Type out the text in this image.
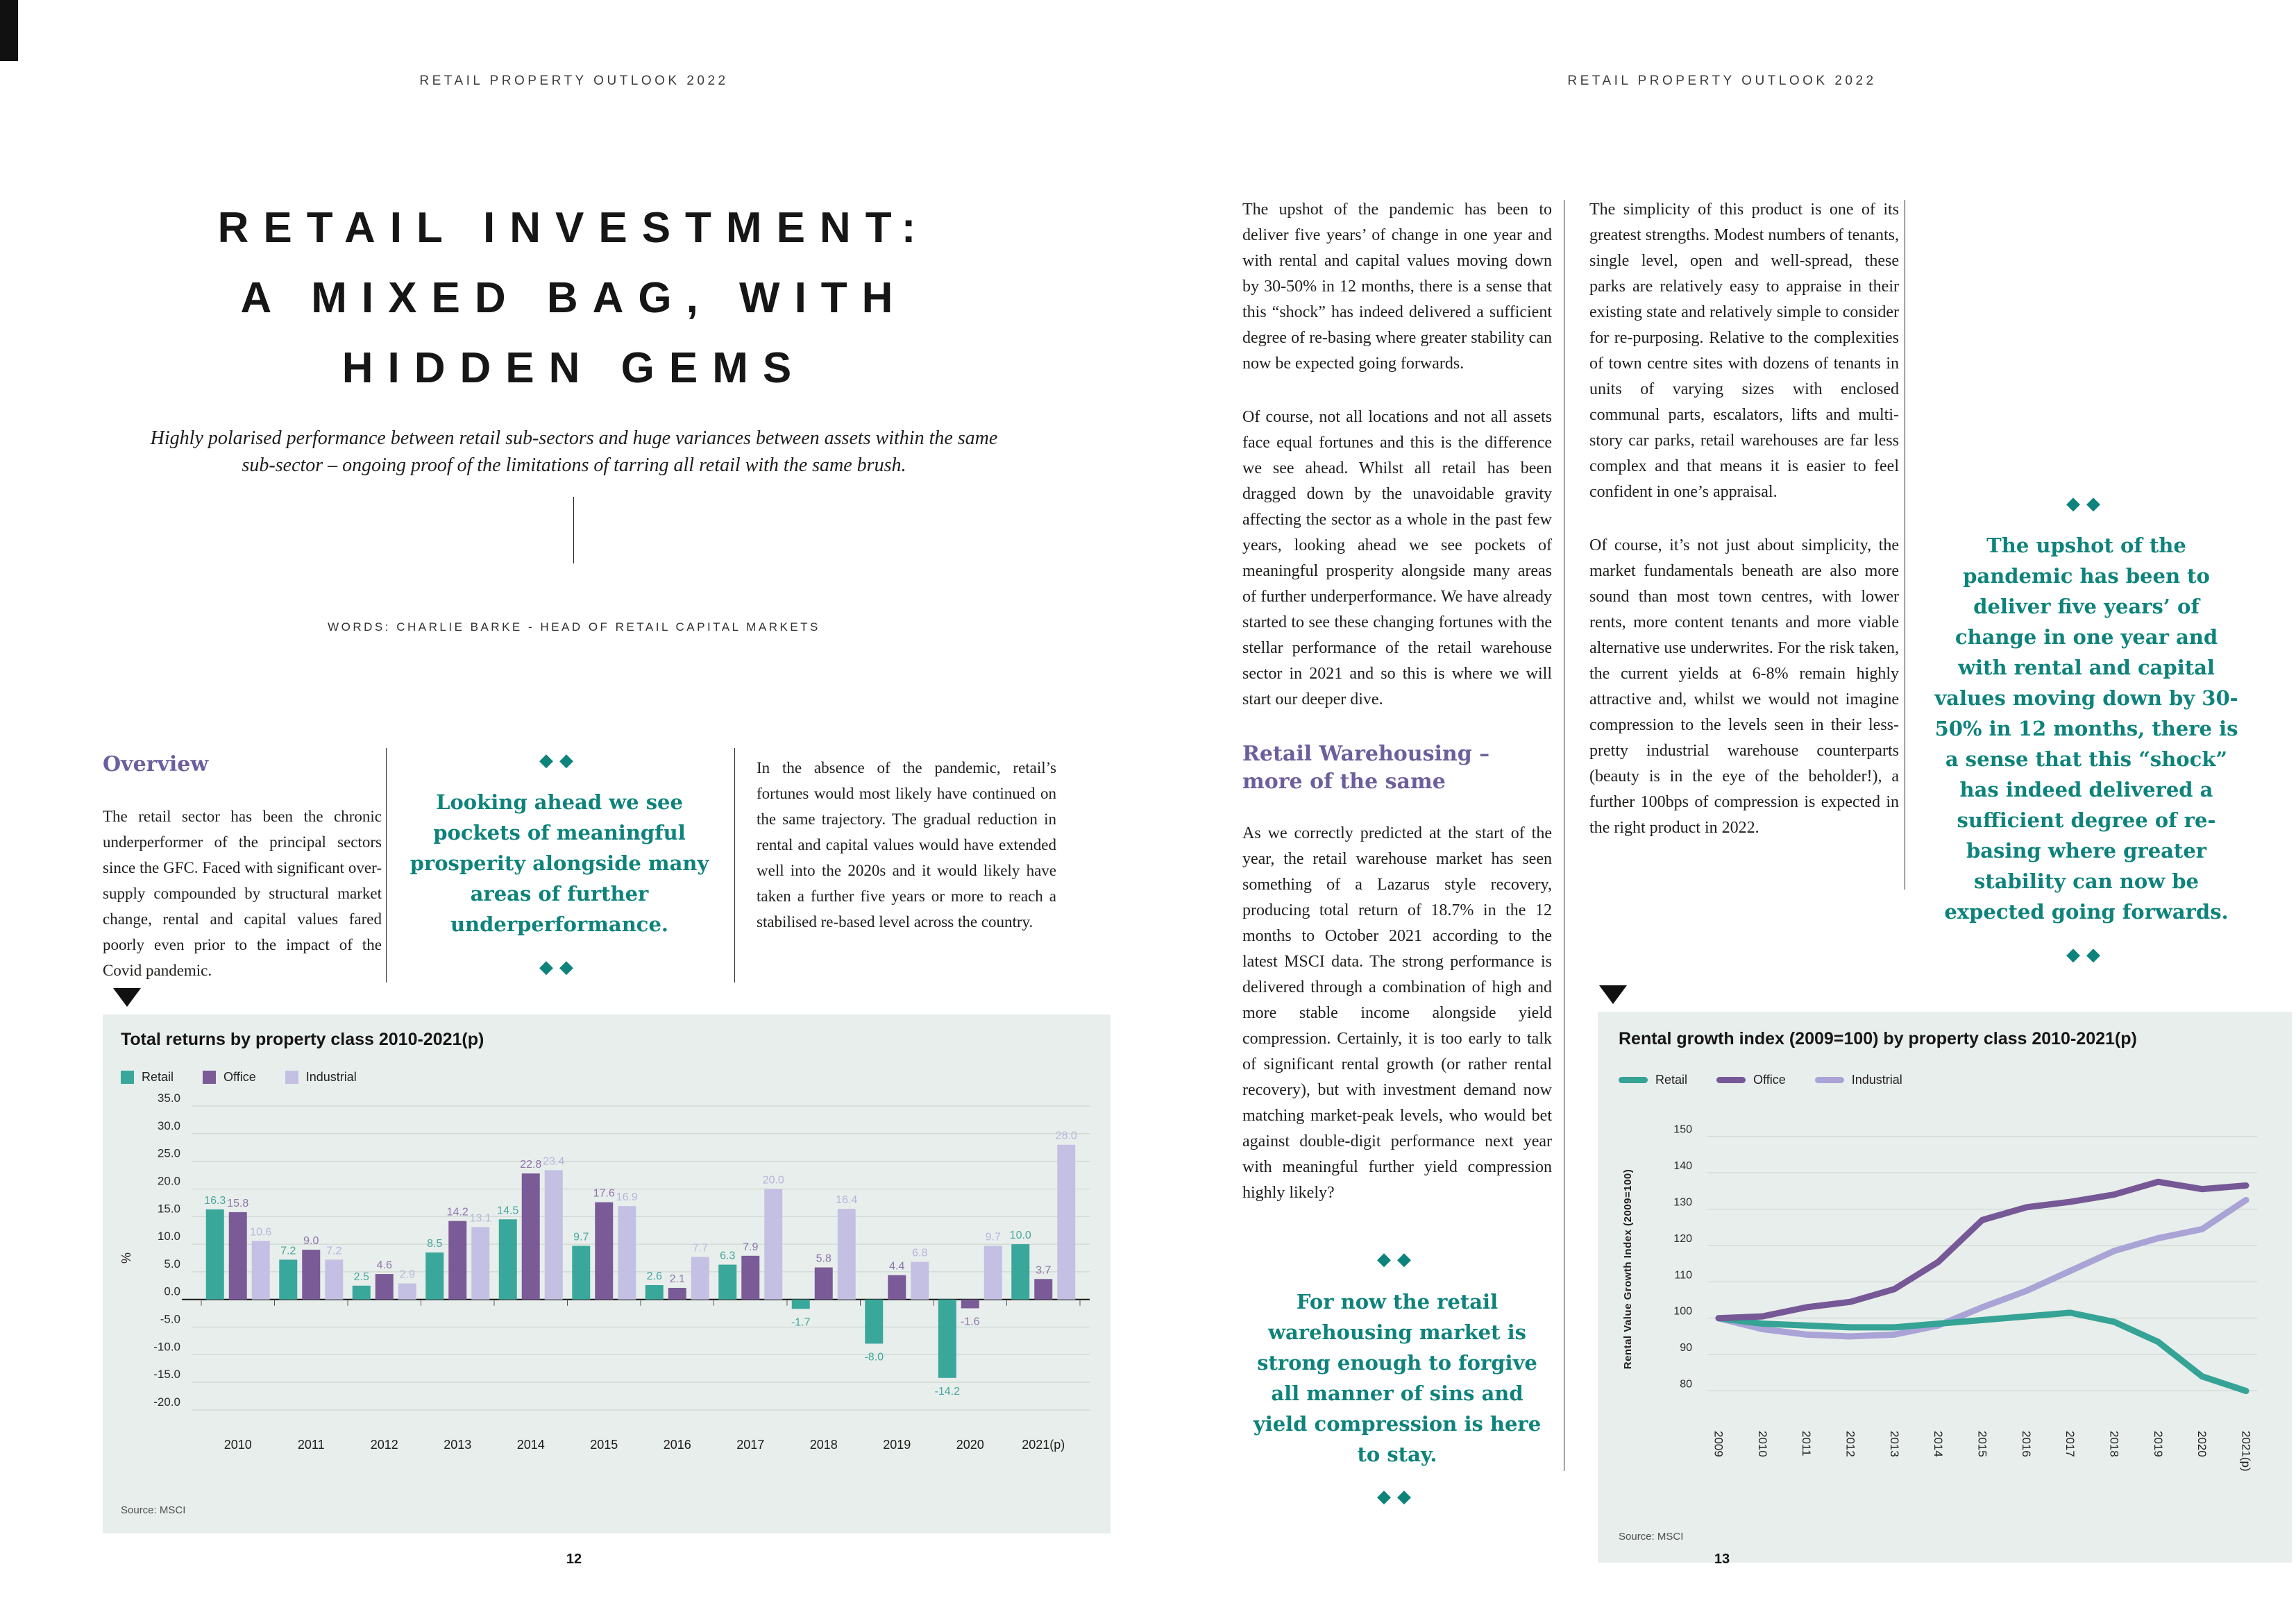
RETAIL PROPERTY OUTLOOK 2022
RETAIL INVESTMENT:
A MIXED BAG, WITH
HIDDEN GEMS
Highly polarised performance between retail sub-sectors and huge variances between assets within the same sub-sector – ongoing proof of the limitations of tarring all retail with the same brush.
WORDS: CHARLIE BARKE - HEAD OF RETAIL CAPITAL MARKETS
Overview

The retail sector has been the chronic underperformer of the principal sectors since the GFC. Faced with significant over-supply compounded by structural market change, rental and capital values fared poorly even prior to the impact of the Covid pandemic.

◆◆
Looking ahead we see pockets of meaningful prosperity alongside many areas of further underperformance.
◆◆

In the absence of the pandemic, retail’s fortunes would most likely have continued on the same trajectory. The gradual reduction in rental and capital values would have extended well into the 2020s and it would likely have taken a further five years or more to reach a stabilised re-based level across the country.

Total returns by property class 2010-2021(p)
Retail	Office	Industrial
35.0
30.0
25.0
20.0
15.0
10.0
5.0
0.0
-5.0
-10.0
-15.0
-20.0
%
16.3 15.8
10.6
2010
7.2
9.0
7.2
2011
2.5
4.6
2.9
2012
8.5
14.2
13.1
2013
14.5
22.8 23.4
2014
9.7
17.6 16.9
2015
2.6 2.1
7.7
2016
6.3
7.9
20.0
2017
-1.7
5.8
16.4
2018
-8.0
4.4
6.8
2019
-14.2
-1.6
9.7
2020
10.0
3.7
28.0
2021(p)
Source: MSCI
12
RETAIL PROPERTY OUTLOOK 2022

The upshot of the pandemic has been to deliver five years’ of change in one year and with rental and capital values moving down by 30-50% in 12 months, there is a sense that this “shock” has indeed delivered a sufficient degree of re-basing where greater stability can now be expected going forwards.

Of course, not all locations and not all assets face equal fortunes and this is the difference we see ahead. Whilst all retail has been dragged down by the unavoidable gravity affecting the sector as a whole in the past few years, looking ahead we see pockets of meaningful prosperity alongside many areas of further underperformance. We have already started to see these changing fortunes with the stellar performance of the retail warehouse sector in 2021 and so this is where we will start our deeper dive.

Retail Warehousing – more of the same

As we correctly predicted at the start of the year, the retail warehouse market has seen something of a Lazarus style recovery, producing total return of 18.7% in the 12 months to October 2021 according to the latest MSCI data. The strong performance is delivered through a combination of high and more stable income alongside yield compression. Certainly, it is too early to talk of significant rental growth (or rather rental recovery), but with investment demand now matching market-peak levels, who would bet against double-digit performance next year with meaningful further yield compression highly likely?

◆◆
For now the retail warehousing market is strong enough to forgive all manner of sins and yield compression is here to stay.
◆◆

The simplicity of this product is one of its greatest strengths. Modest numbers of tenants, single level, open and well-spread, these parks are relatively easy to appraise in their existing state and relatively simple to consider for re-purposing. Relative to the complexities of town centre sites with dozens of tenants in units of varying sizes with enclosed communal parts, escalators, lifts and multi-story car parks, retail warehouses are far less complex and that means it is easier to feel confident in one’s appraisal.

Of course, it’s not just about simplicity, the market fundamentals beneath are also more sound than most town centres, with lower rents, more content tenants and more viable alternative use underwrites. For the risk taken, the current yields at 6-8% remain highly attractive and, whilst we would not imagine compression to the levels seen in their less-pretty industrial warehouse counterparts (beauty is in the eye of the beholder!), a further 100bps of compression is expected in the right product in 2022.

◆◆
The upshot of the pandemic has been to deliver five years’ of change in one year and with rental and capital values moving down by 30-50% in 12 months, there is a sense that this “shock” has indeed delivered a sufficient degree of re-basing where greater stability can now be expected going forwards.
◆◆
Rental growth index (2009=100) by property class 2010-2021(p)
Retail	Office	Industrial
150
140
130
120
110
100
90
80
Rental Value Growth Index (2009=100)
2009	2010	2011	2012	2013	2014	2015	2016	2017	2018	2019	2020	2021(p)
Source: MSCI
13
